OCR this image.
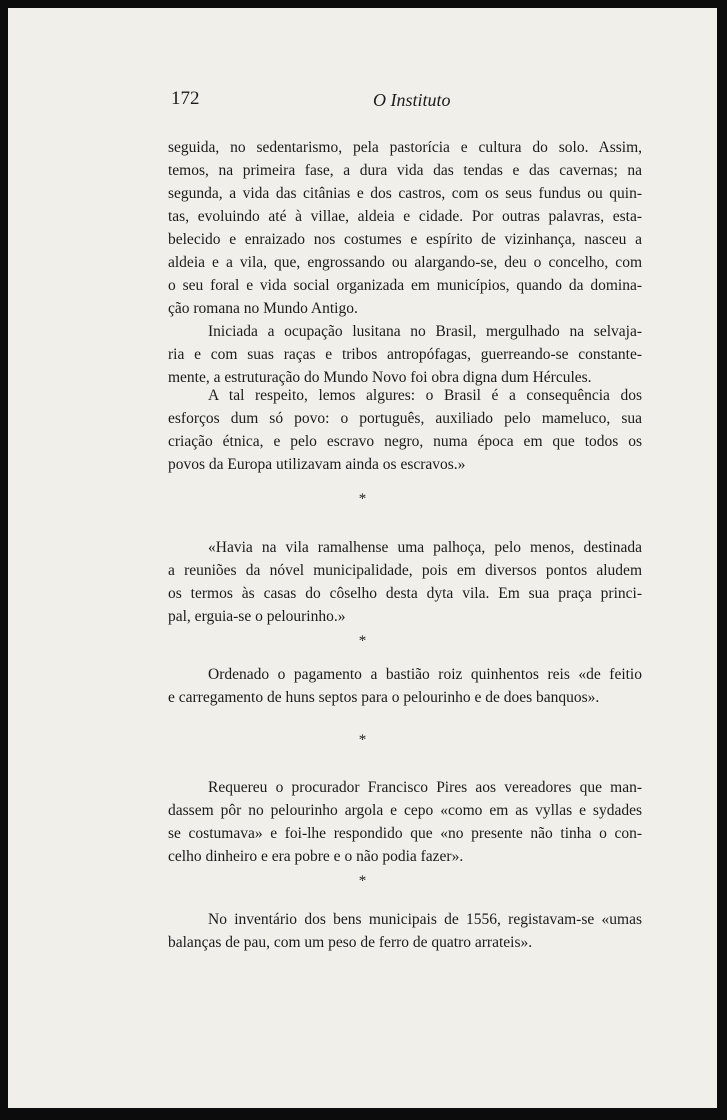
172	O Instituto
seguida, no sedentarismo, pela pastorícia e cultura do solo. Assim,
temos, na primeira fase, a dura vida das tendas e das cavernas; na
segunda, a vida das citânias e dos castros, com os seus fundus ou quin-
tas, evoluindo até à villae, aldeia e cidade. Por outras palavras, esta-
belecido e enraizado nos costumes e espírito de vizinhança, nasceu a
aldeia e a vila, que, engrossando ou alargando-se, deu o concelho, com
o seu foral e vida social organizada em municípios, quando da domina-
ção romana no Mundo Antigo.
Iniciada a ocupação lusitana no Brasil, mergulhado na selvaja-
ria e com suas raças e tribos antropófagas, guerreando-se constante-
mente, a estruturação do Mundo Novo foi obra digna dum Hércules.
A tal respeito, lemos algures: o Brasil é a consequência dos
esforços dum só povo: o português, auxiliado pelo mameluco, sua
criação étnica, e pelo escravo negro, numa época em que todos os
povos da Europa utilizavam ainda os escravos.»
*
«Havia na vila ramalhense uma palhoça, pelo menos, destinada
a reuniões da nóvel municipalidade, pois em diversos pontos aludem
os termos às casas do côselho desta dyta vila. Em sua praça princi-
pal, erguia-se o pelourinho.»
*
Ordenado o pagamento a bastião roiz quinhentos reis «de feitio
e carregamento de huns septos para o pelourinho e de does banquos».
*
Requereu o procurador Francisco Pires aos vereadores que man-
dassem pôr no pelourinho argola e cepo «como em as vyllas e sydades
se costumava» e foi-lhe respondido que «no presente não tinha o con-
celho dinheiro e era pobre e o não podia fazer».
*
No inventário dos bens municipais de 1556, registavam-se «umas
balanças de pau, com um peso de ferro de quatro arrateis».
